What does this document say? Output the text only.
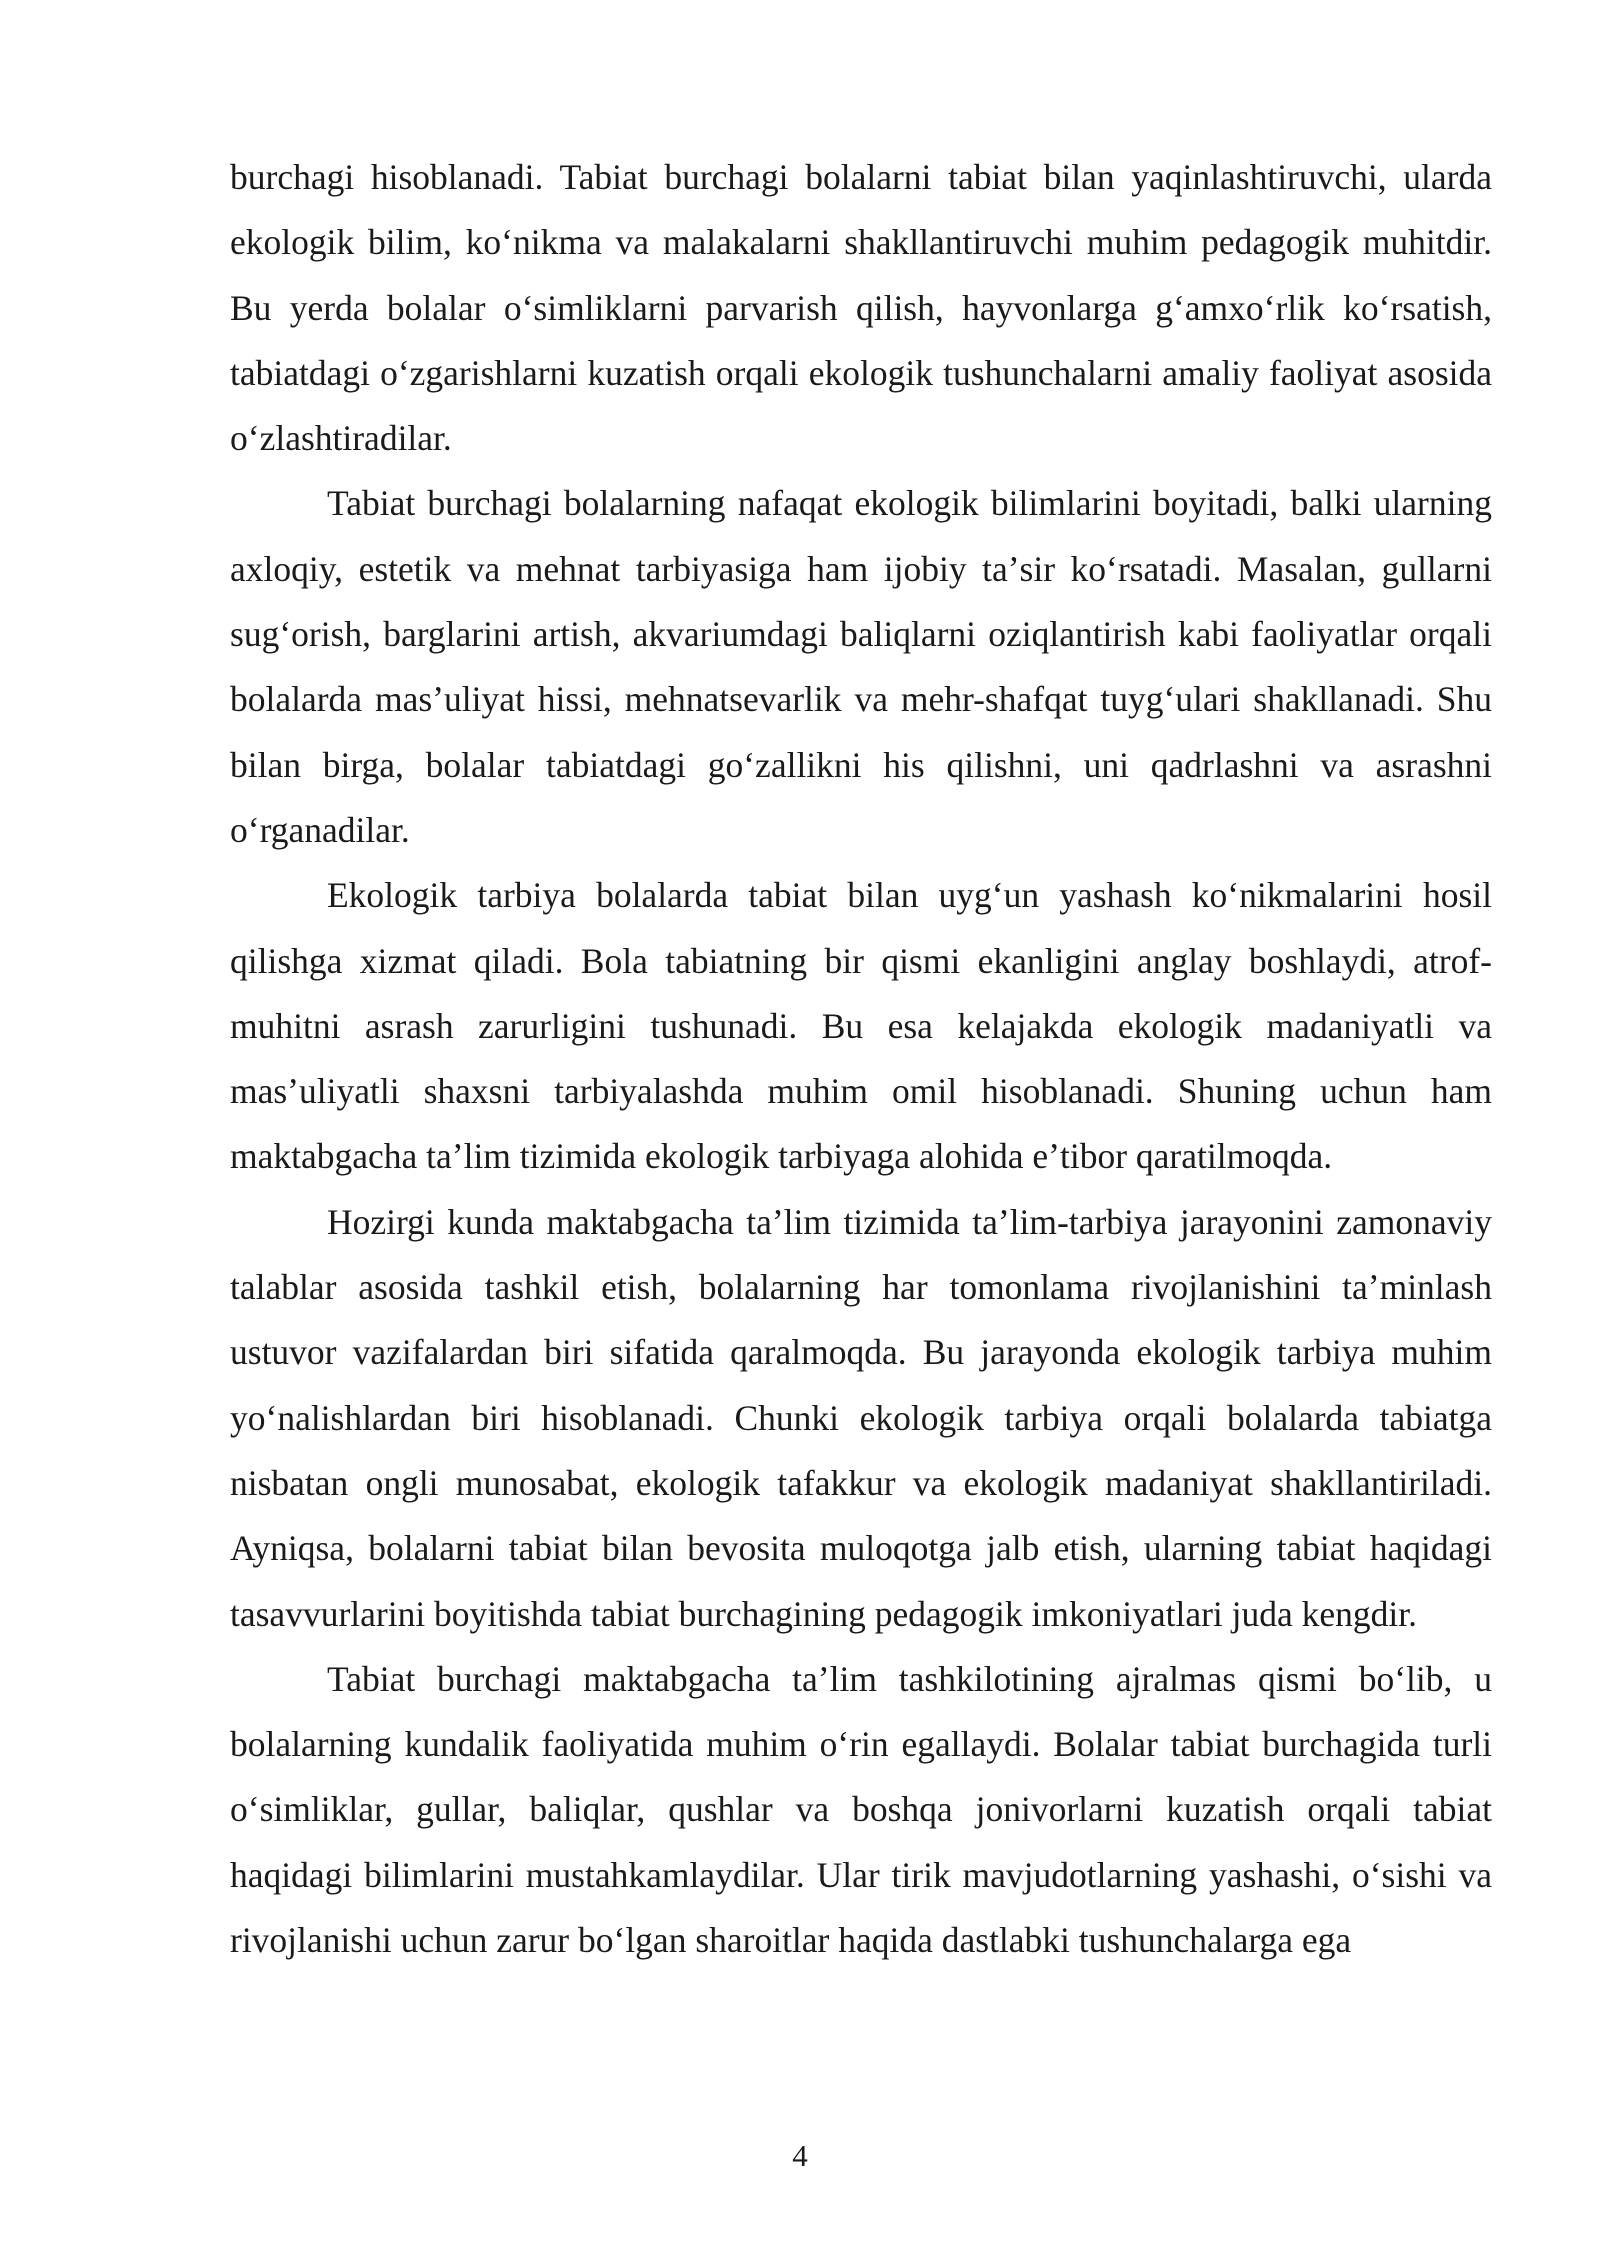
burchagi hisoblanadi. Tabiat burchagi bolalarni tabiat bilan yaqinlashtiruvchi, ularda ekologik bilim, koʻnikma va malakalarni shakllantiruvchi muhim pedagogik muhitdir. Bu yerda bolalar oʻsimliklarni parvarish qilish, hayvonlarga gʻamxoʻrlik koʻrsatish, tabiatdagi oʻzgarishlarni kuzatish orqali ekologik tushunchalarni amaliy faoliyat asosida oʻzlashtiradilar.

Tabiat burchagi bolalarning nafaqat ekologik bilimlarini boyitadi, balki ularning axloqiy, estetik va mehnat tarbiyasiga ham ijobiy taʼsir koʻrsatadi. Masalan, gullarni sugʻorish, barglarini artish, akvariumdagi baliqlarni oziqlantirish kabi faoliyatlar orqali bolalarda masʼuliyat hissi, mehnatsevarlik va mehr-shafqat tuygʻulari shakllanadi. Shu bilan birga, bolalar tabiatdagi goʻzallikni his qilishni, uni qadrlashni va asrashni oʻrganadilar.

Ekologik tarbiya bolalarda tabiat bilan uygʻun yashash koʻnikmalarini hosil qilishga xizmat qiladi. Bola tabiatning bir qismi ekanligini anglay boshlaydi, atrof-muhitni asrash zarurligini tushunadi. Bu esa kelajakda ekologik madaniyatli va masʼuliyatli shaxsni tarbiyalashda muhim omil hisoblanadi. Shuning uchun ham maktabgacha taʼlim tizimida ekologik tarbiyaga alohida eʼtibor qaratilmoqda.

Hozirgi kunda maktabgacha taʼlim tizimida taʼlim-tarbiya jarayonini zamonaviy talablar asosida tashkil etish, bolalarning har tomonlama rivojlanishini taʼminlash ustuvor vazifalardan biri sifatida qaralmoqda. Bu jarayonda ekologik tarbiya muhim yoʻnalishlardan biri hisoblanadi. Chunki ekologik tarbiya orqali bolalarda tabiatga nisbatan ongli munosabat, ekologik tafakkur va ekologik madaniyat shakllantiriladi. Ayniqsa, bolalarni tabiat bilan bevosita muloqotga jalb etish, ularning tabiat haqidagi tasavvurlarini boyitishda tabiat burchagining pedagogik imkoniyatlari juda kengdir.

Tabiat burchagi maktabgacha taʼlim tashkilotining ajralmas qismi boʻlib, u bolalarning kundalik faoliyatida muhim oʻrin egallaydi. Bolalar tabiat burchagida turli oʻsimliklar, gullar, baliqlar, qushlar va boshqa jonivorlarni kuzatish orqali tabiat haqidagi bilimlarini mustahkamlaydilar. Ular tirik mavjudotlarning yashashi, oʻsishi va rivojlanishi uchun zarur boʻlgan sharoitlar haqida dastlabki tushunchalarga ega

4
